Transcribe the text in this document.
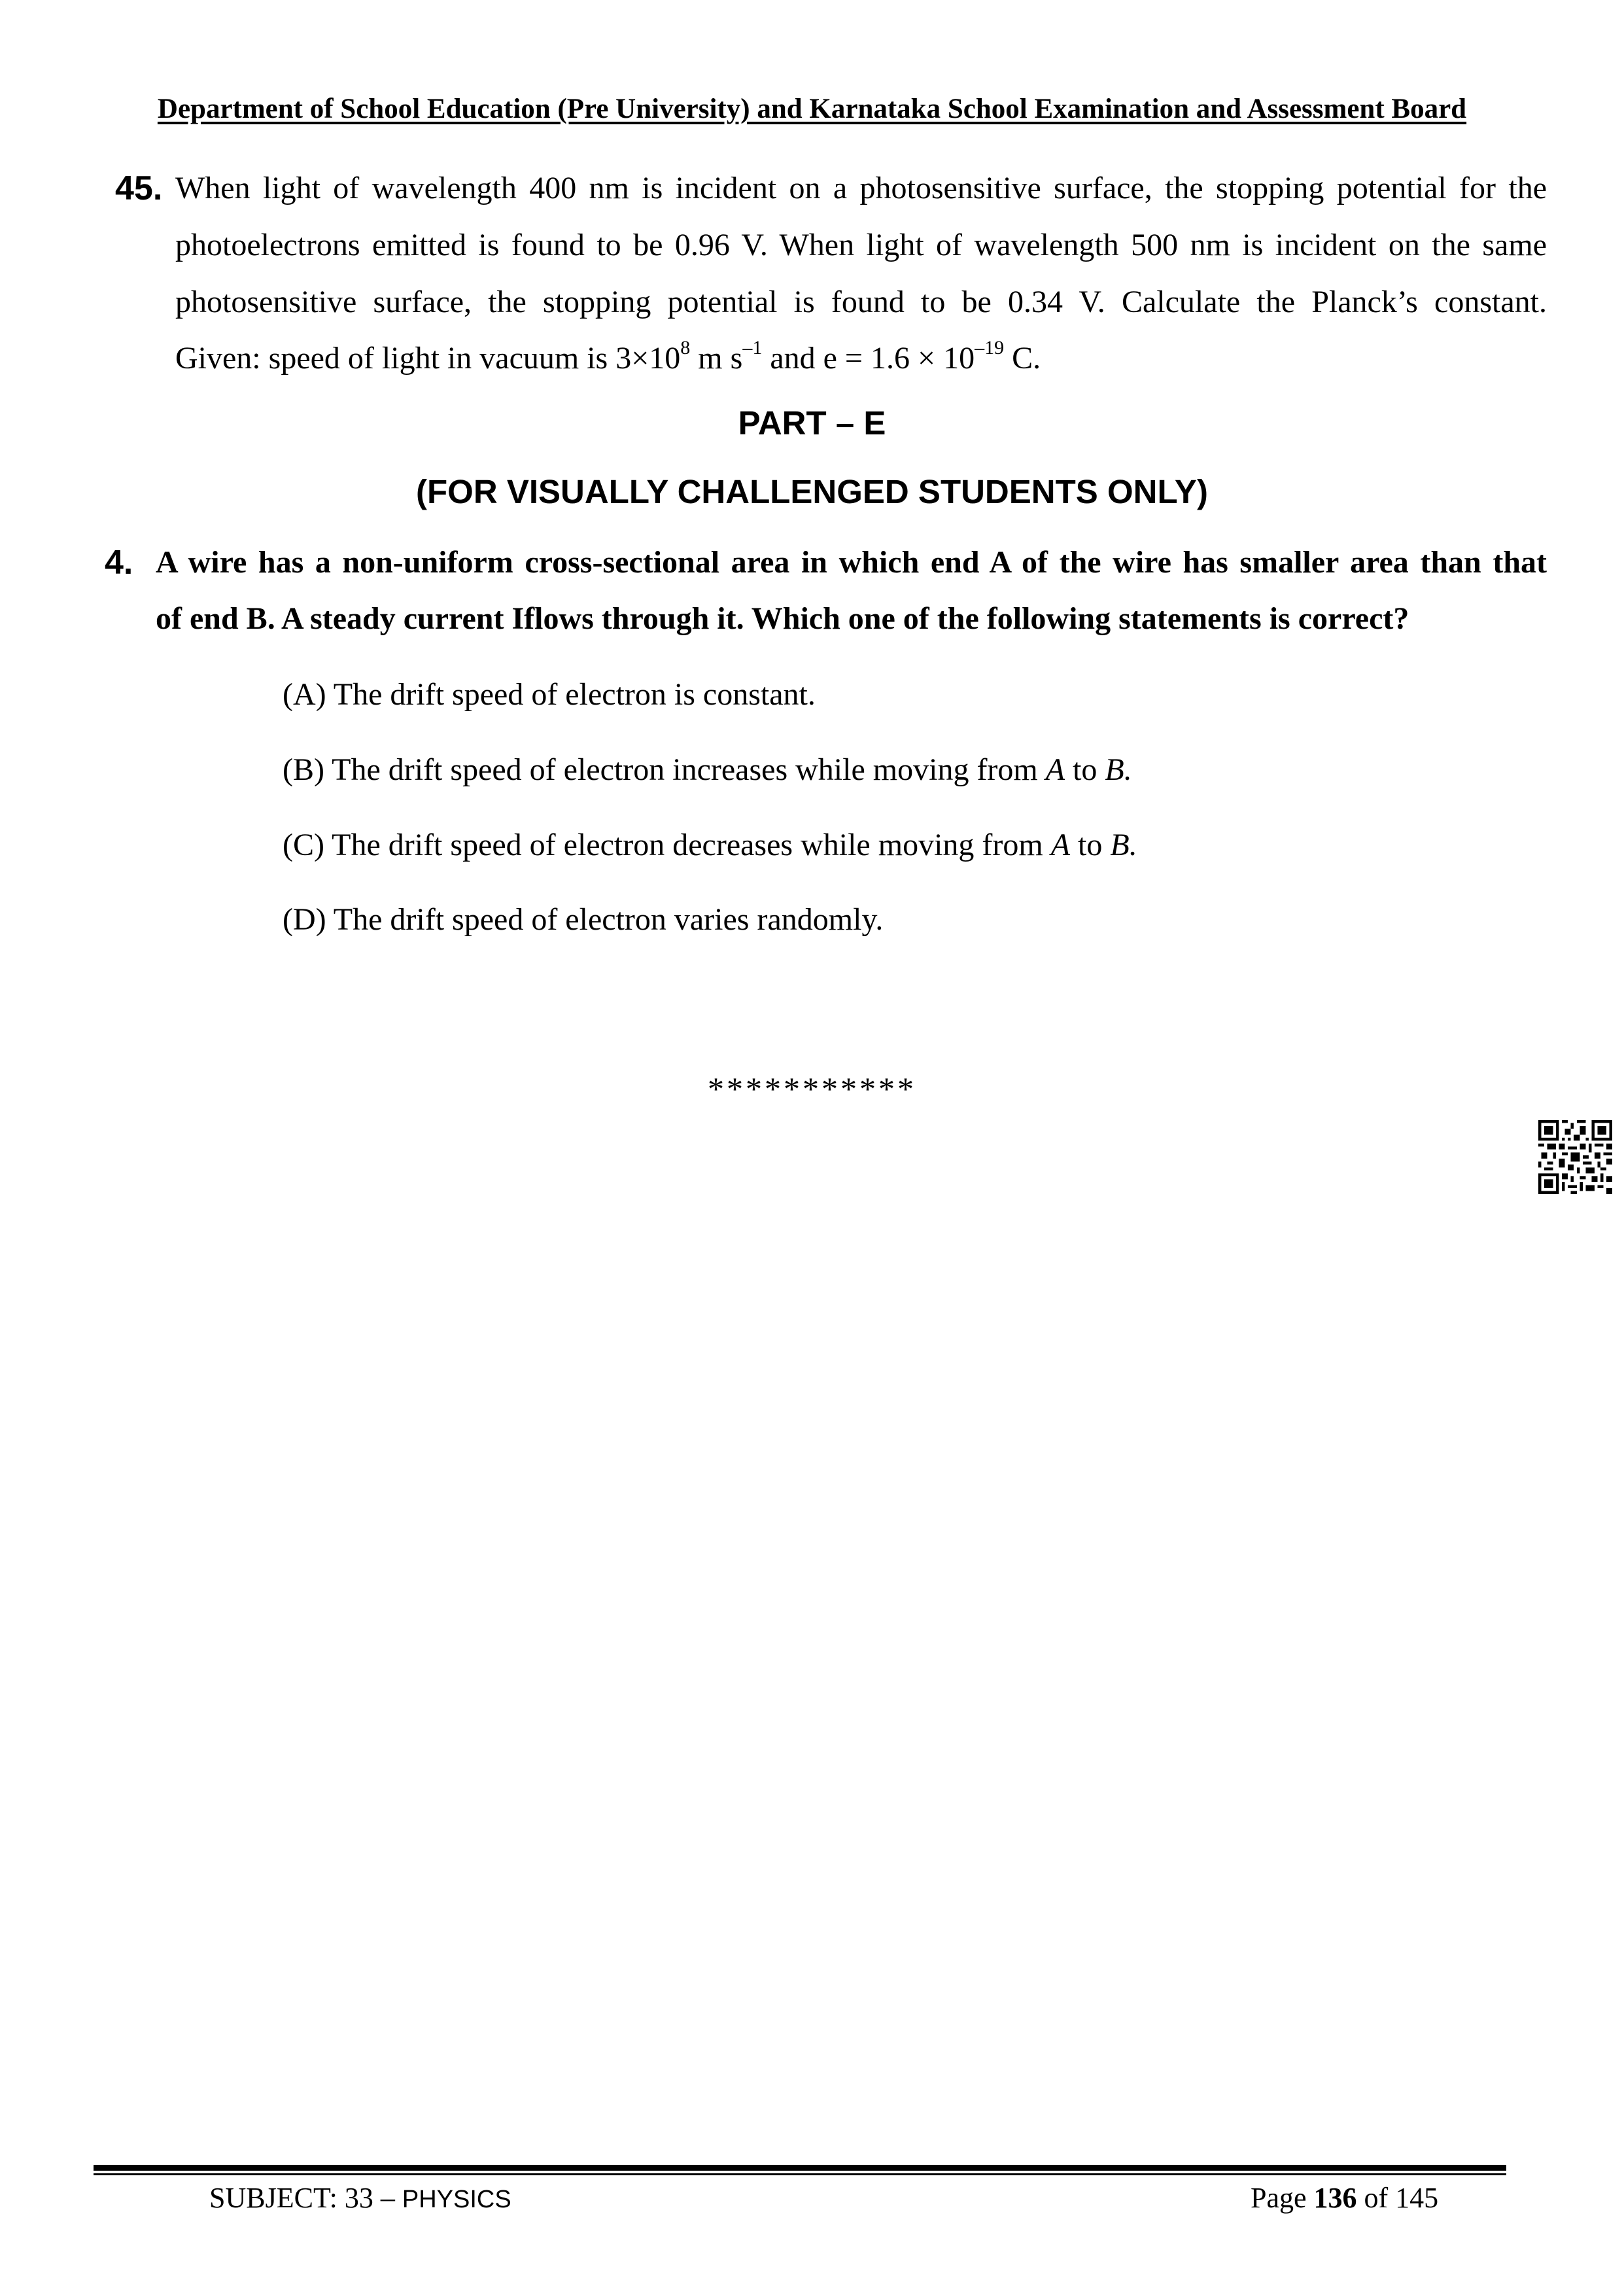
Department of School Education (Pre University) and Karnataka School Examination and Assessment Board
45. When light of wavelength 400 nm is incident on a photosensitive surface, the stopping potential for the
photoelectrons emitted is found to be 0.96 V. When light of wavelength 500 nm is incident on the same
photosensitive surface, the stopping potential is found to be 0.34 V. Calculate the Planck’s constant.
Given: speed of light in vacuum is $3\times 10^8$ m $s^{-1}$ and $e = 1.6 \times 10^{-19}$ C.
PART – E
(FOR VISUALLY CHALLENGED STUDENTS ONLY)
4. A wire has a non-uniform cross-sectional area in which end A of the wire has smaller area than that
of end B. A steady current Iflows through it. Which one of the following statements is correct?
(A) The drift speed of electron is constant.
(B) The drift speed of electron increases while moving from A to B.
(C) The drift speed of electron decreases while moving from A to B.
(D) The drift speed of electron varies randomly.
***********
SUBJECT: 33 – PHYSICS	Page 136 of 145
